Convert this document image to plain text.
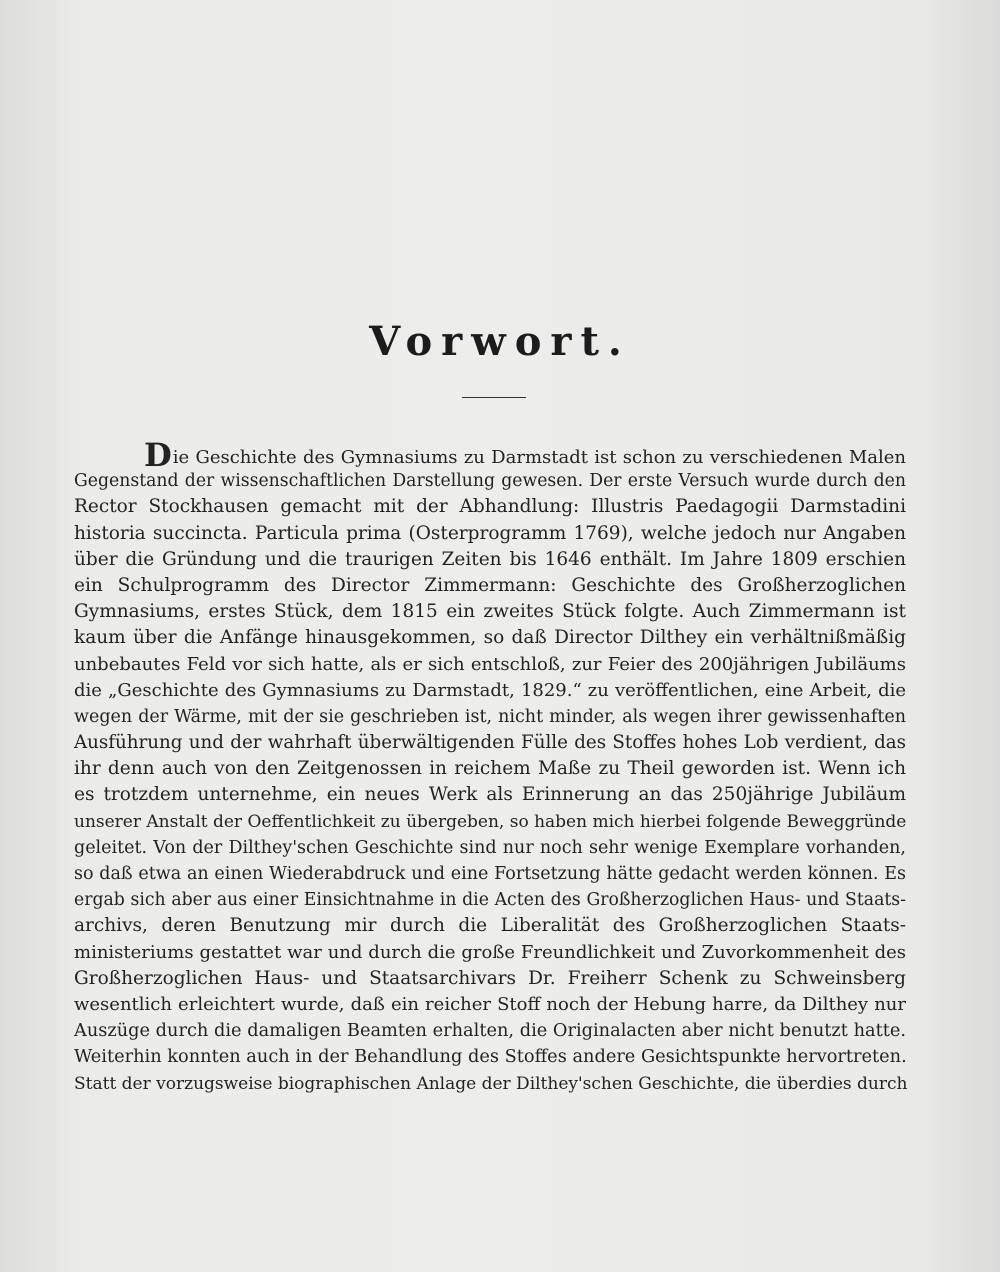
Vorwort.
Die Geschichte des Gymnasiums zu Darmstadt ist schon zu verschiedenen Malen
Gegenstand der wissenschaftlichen Darstellung gewesen. Der erste Versuch wurde durch den
Rector Stockhausen gemacht mit der Abhandlung: Illustris Paedagogii Darmstadini
historia succincta. Particula prima (Osterprogramm 1769), welche jedoch nur Angaben
über die Gründung und die traurigen Zeiten bis 1646 enthält. Im Jahre 1809 erschien
ein Schulprogramm des Director Zimmermann: Geschichte des Großherzoglichen
Gymnasiums, erstes Stück, dem 1815 ein zweites Stück folgte. Auch Zimmermann ist
kaum über die Anfänge hinausgekommen, so daß Director Dilthey ein verhältnißmäßig
unbebautes Feld vor sich hatte, als er sich entschloß, zur Feier des 200jährigen Jubiläums
die „Geschichte des Gymnasiums zu Darmstadt, 1829.“ zu veröffentlichen, eine Arbeit, die
wegen der Wärme, mit der sie geschrieben ist, nicht minder, als wegen ihrer gewissenhaften
Ausführung und der wahrhaft überwältigenden Fülle des Stoffes hohes Lob verdient, das
ihr denn auch von den Zeitgenossen in reichem Maße zu Theil geworden ist. Wenn ich
es trotzdem unternehme, ein neues Werk als Erinnerung an das 250jährige Jubiläum
unserer Anstalt der Oeffentlichkeit zu übergeben, so haben mich hierbei folgende Beweggründe
geleitet. Von der Dilthey'schen Geschichte sind nur noch sehr wenige Exemplare vorhanden,
so daß etwa an einen Wiederabdruck und eine Fortsetzung hätte gedacht werden können. Es
ergab sich aber aus einer Einsichtnahme in die Acten des Großherzoglichen Haus- und Staats-
archivs, deren Benutzung mir durch die Liberalität des Großherzoglichen Staats-
ministeriums gestattet war und durch die große Freundlichkeit und Zuvorkommenheit des
Großherzoglichen Haus- und Staatsarchivars Dr. Freiherr Schenk zu Schweinsberg
wesentlich erleichtert wurde, daß ein reicher Stoff noch der Hebung harre, da Dilthey nur
Auszüge durch die damaligen Beamten erhalten, die Originalacten aber nicht benutzt hatte.
Weiterhin konnten auch in der Behandlung des Stoffes andere Gesichtspunkte hervortreten.
Statt der vorzugsweise biographischen Anlage der Dilthey'schen Geschichte, die überdies durch
